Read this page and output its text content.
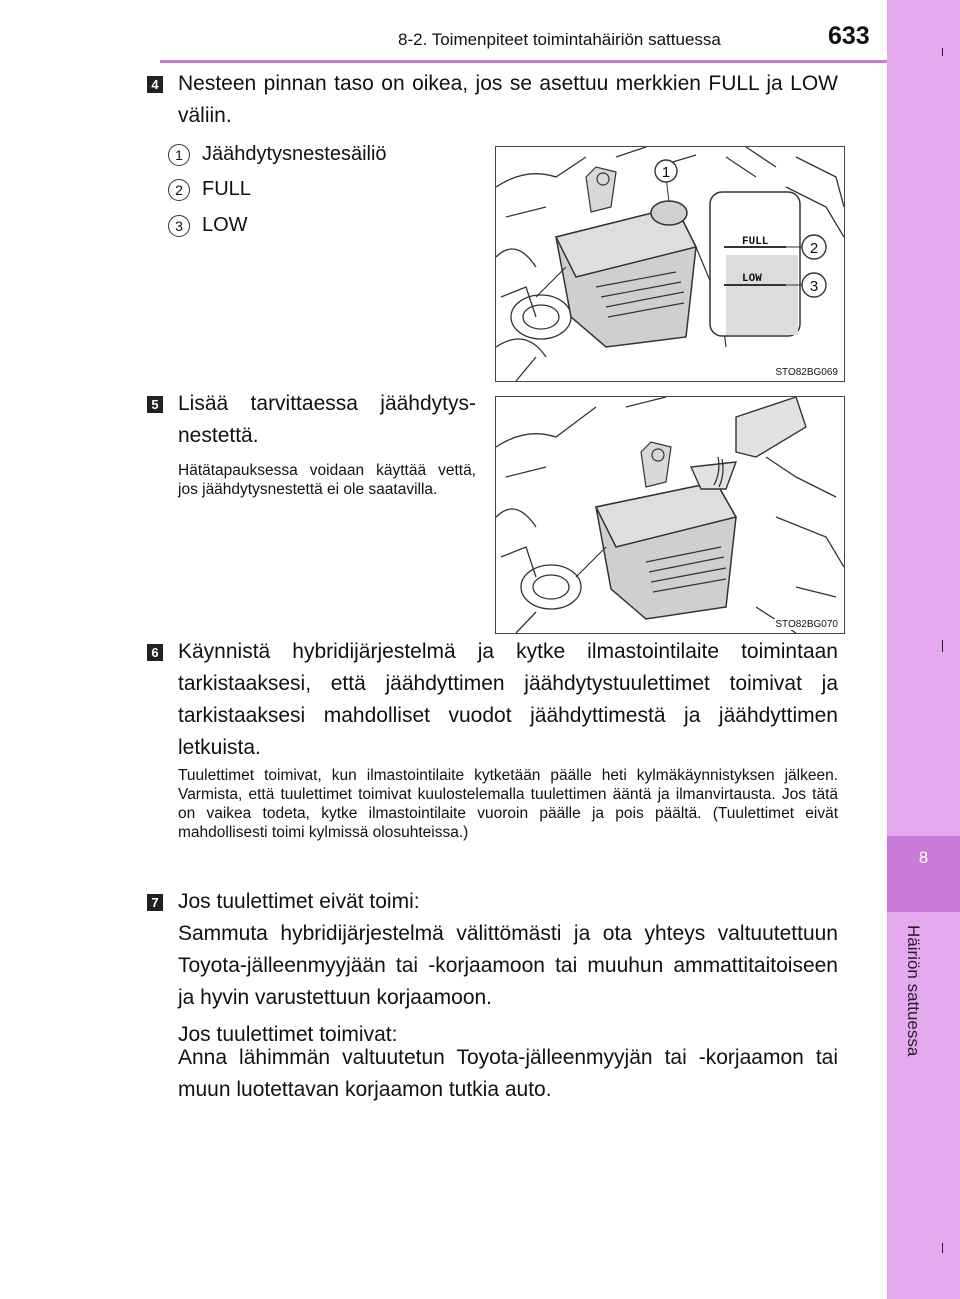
8
Häiriön sattuessa
8-2. Toimenpiteet toimintahäiriön sattuessa	633
4 Nesteen pinnan taso on oikea, jos se asettuu merkkien FULL ja LOW väliin.
1 Jäähdytysnestesäiliö
2 FULL
3 LOW
1
FULL
LOW
2
3
STO82BG069
5 Lisää tarvittaessa jäähdytys-
nestettä.
Hätätapauksessa voidaan käyttää vettä, jos jäähdytysnestettä ei ole saatavilla.
STO82BG070
6 Käynnistä hybridijärjestelmä ja kytke ilmastointilaite toimintaan tarkistaaksesi, että jäähdyttimen jäähdytystuulettimet toimivat ja tarkistaaksesi mahdolliset vuodot jäähdyttimestä ja jäähdyttimen letkuista.
Tuulettimet toimivat, kun ilmastointilaite kytketään päälle heti kylmäkäynnistyksen jälkeen. Varmista, että tuulettimet toimivat kuulostelemalla tuulettimen ääntä ja ilmanvirtausta. Jos tätä on vaikea todeta, kytke ilmastointilaite vuoroin päälle ja pois päältä. (Tuulettimet eivät mahdollisesti toimi kylmissä olosuhteissa.)
7 Jos tuulettimet eivät toimi:
Sammuta hybridijärjestelmä välittömästi ja ota yhteys valtuutettuun Toyota-jälleenmyyjään tai -korjaamoon tai muuhun ammattitaitoiseen ja hyvin varustettuun korjaamoon.
Jos tuulettimet toimivat:
Anna lähimmän valtuutetun Toyota-jälleenmyyjän tai -korjaamon tai muun luotettavan korjaamon tutkia auto.
